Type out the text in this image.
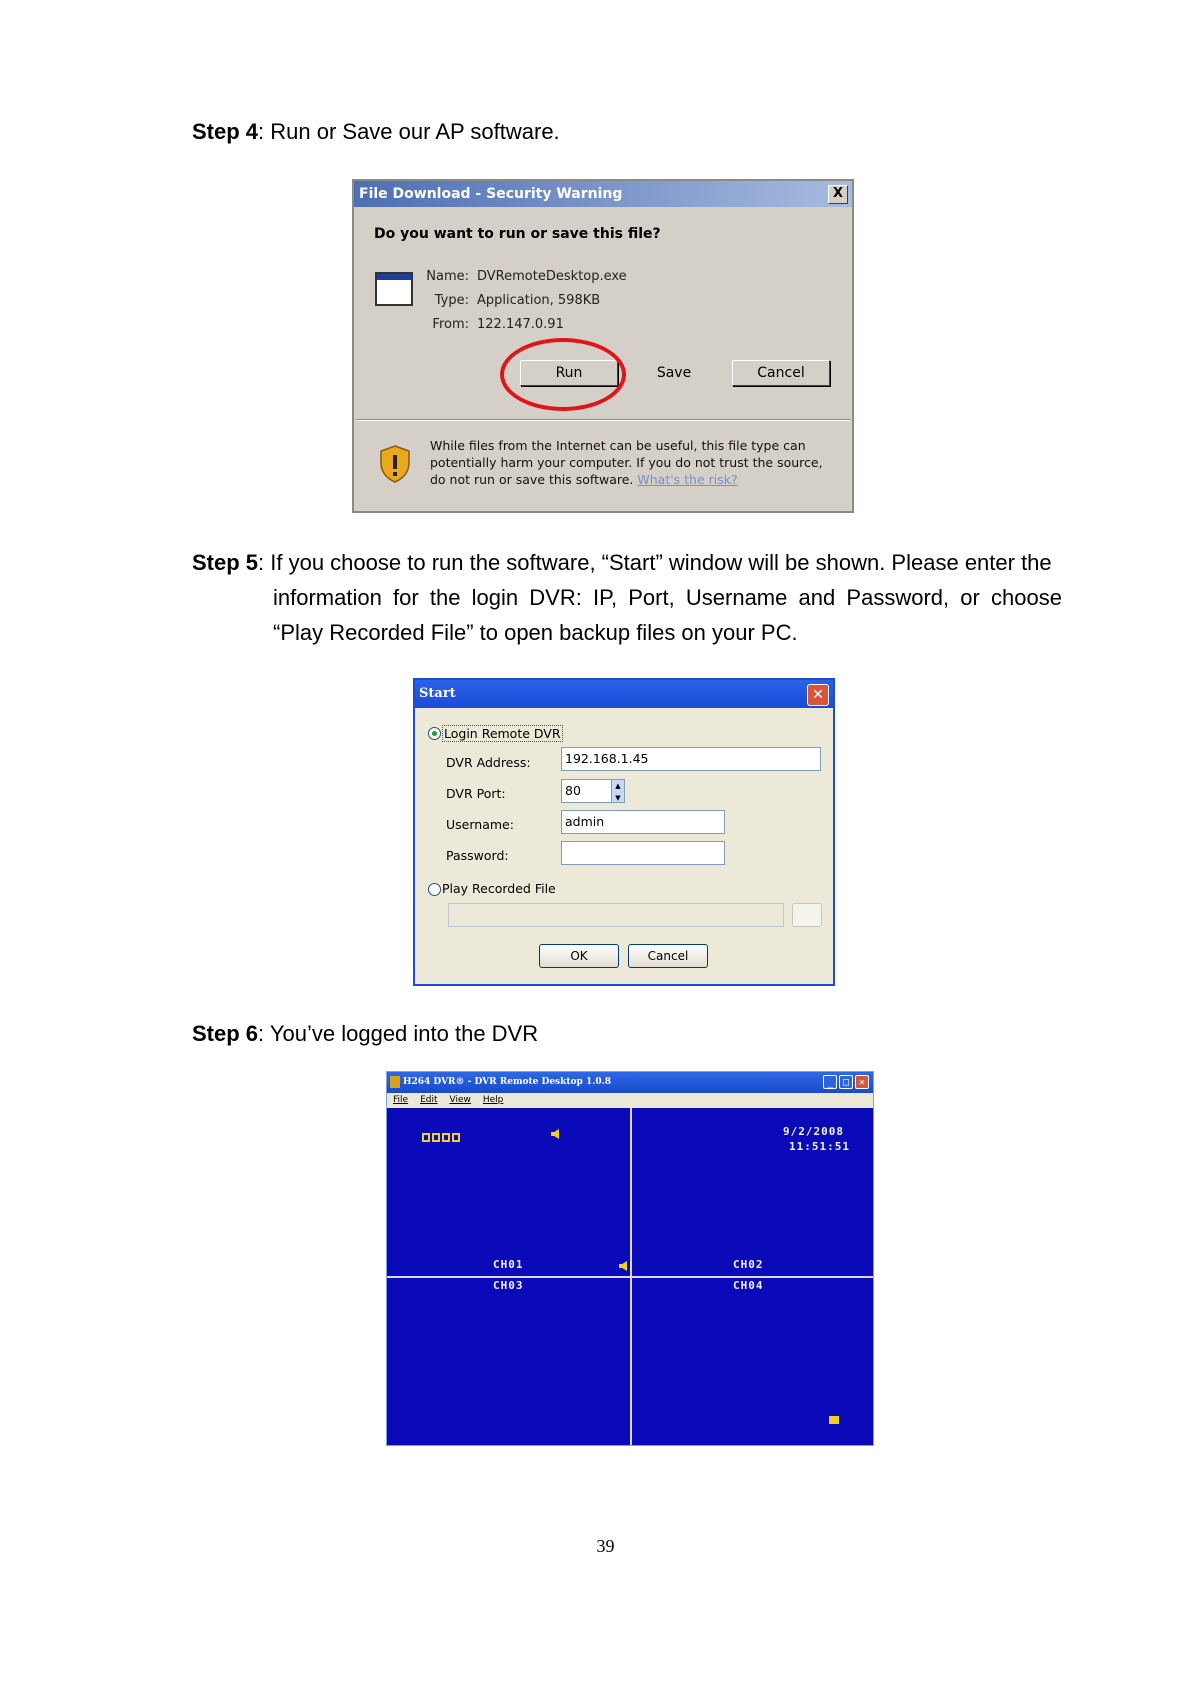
Step 4: Run or Save our AP software.
File Download - Security Warning	X
Do you want to run or save this file?
Name: DVRemoteDesktop.exe
Type: Application, 598KB
From: 122.147.0.91
Run	Save	Cancel
While files from the Internet can be useful, this file type can potentially harm your computer. If you do not trust the source, do not run or save this software. What's the risk?
Step 5: If you choose to run the software, “Start” window will be shown. Please enter the
information for the login DVR: IP, Port, Username and Password, or choose “Play Recorded File” to open backup files on your PC.
Start	✕
Login Remote DVR
DVR Address:	192.168.1.45
DVR Port:	80	▲
▼
Username:	admin
Password:
Play Recorded File
OK	Cancel
Step 6: You’ve logged into the DVR
H264 DVR® - DVR Remote Desktop 1.0.8	_ □ ✕
File Edit View Help
9/2/2008
11:51:51
CH01	CH02
CH03	CH04
39
